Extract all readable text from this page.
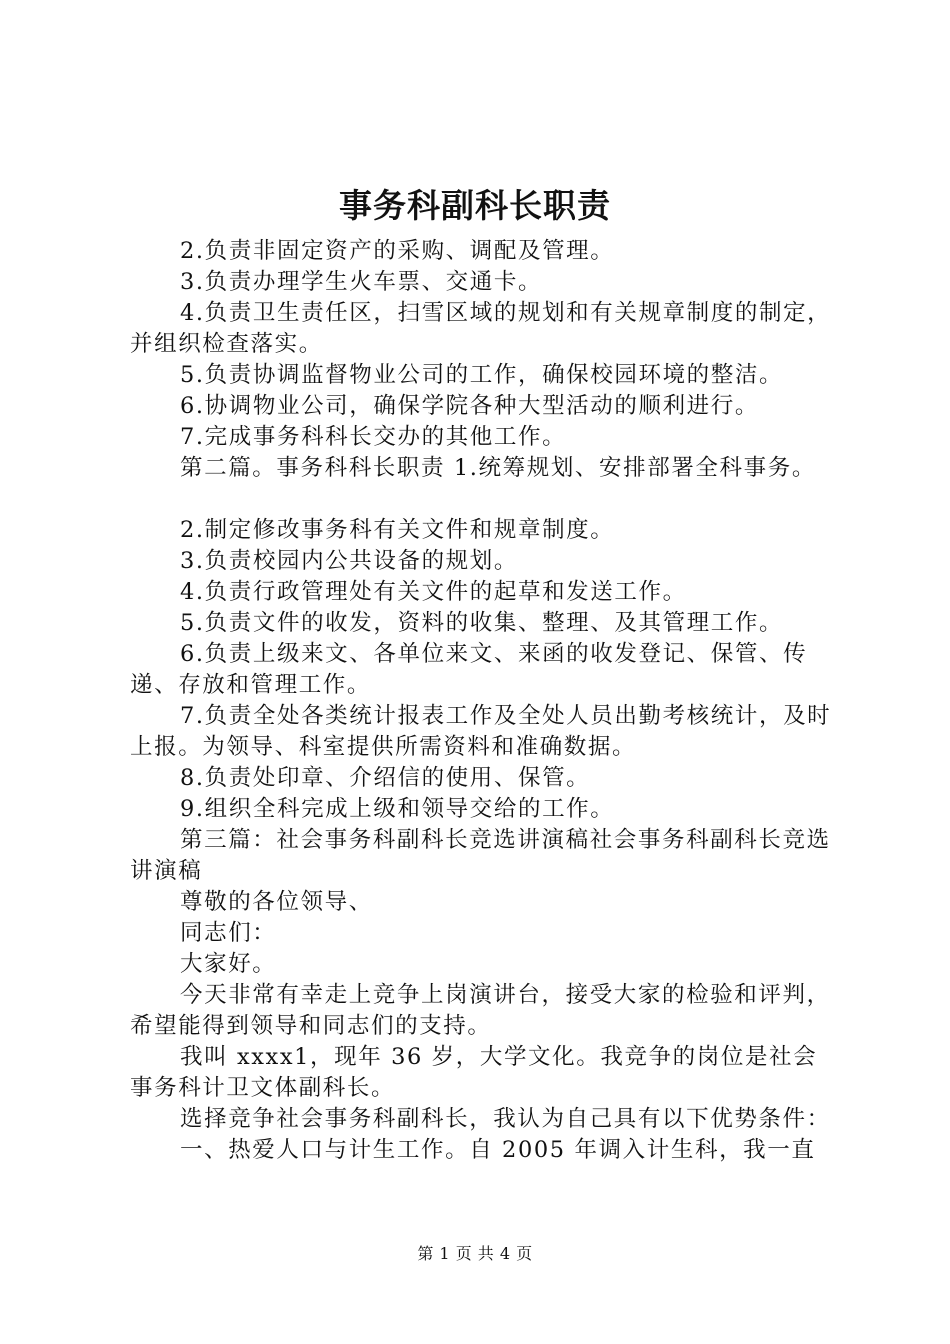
事务科副科长职责

2.负责非固定资产的采购、调配及管理。

3.负责办理学生火车票、交通卡。

4.负责卫生责任区，扫雪区域的规划和有关规章制度的制定，并组织检查落实。

5.负责协调监督物业公司的工作，确保校园环境的整洁。

6.协调物业公司，确保学院各种大型活动的顺利进行。

7.完成事务科科长交办的其他工作。

第二篇。事务科科长职责 1.统筹规划、安排部署全科事务。

2.制定修改事务科有关文件和规章制度。

3.负责校园内公共设备的规划。

4.负责行政管理处有关文件的起草和发送工作。

5.负责文件的收发，资料的收集、整理、及其管理工作。

6.负责上级来文、各单位来文、来函的收发登记、保管、传递、存放和管理工作。

7.负责全处各类统计报表工作及全处人员出勤考核统计，及时上报。为领导、科室提供所需资料和准确数据。

8.负责处印章、介绍信的使用、保管。

9.组织全科完成上级和领导交给的工作。

第三篇：社会事务科副科长竞选讲演稿社会事务科副科长竞选讲演稿

尊敬的各位领导、

同志们：

大家好。

今天非常有幸走上竞争上岗演讲台，接受大家的检验和评判，希望能得到领导和同志们的支持。

我叫 xxxx1，现年 36 岁，大学文化。我竞争的岗位是社会事务科计卫文体副科长。

选择竞争社会事务科副科长，我认为自己具有以下优势条件：

一、热爱人口与计生工作。自 2005 年调入计生科，我一直

第 1 页 共 4 页
